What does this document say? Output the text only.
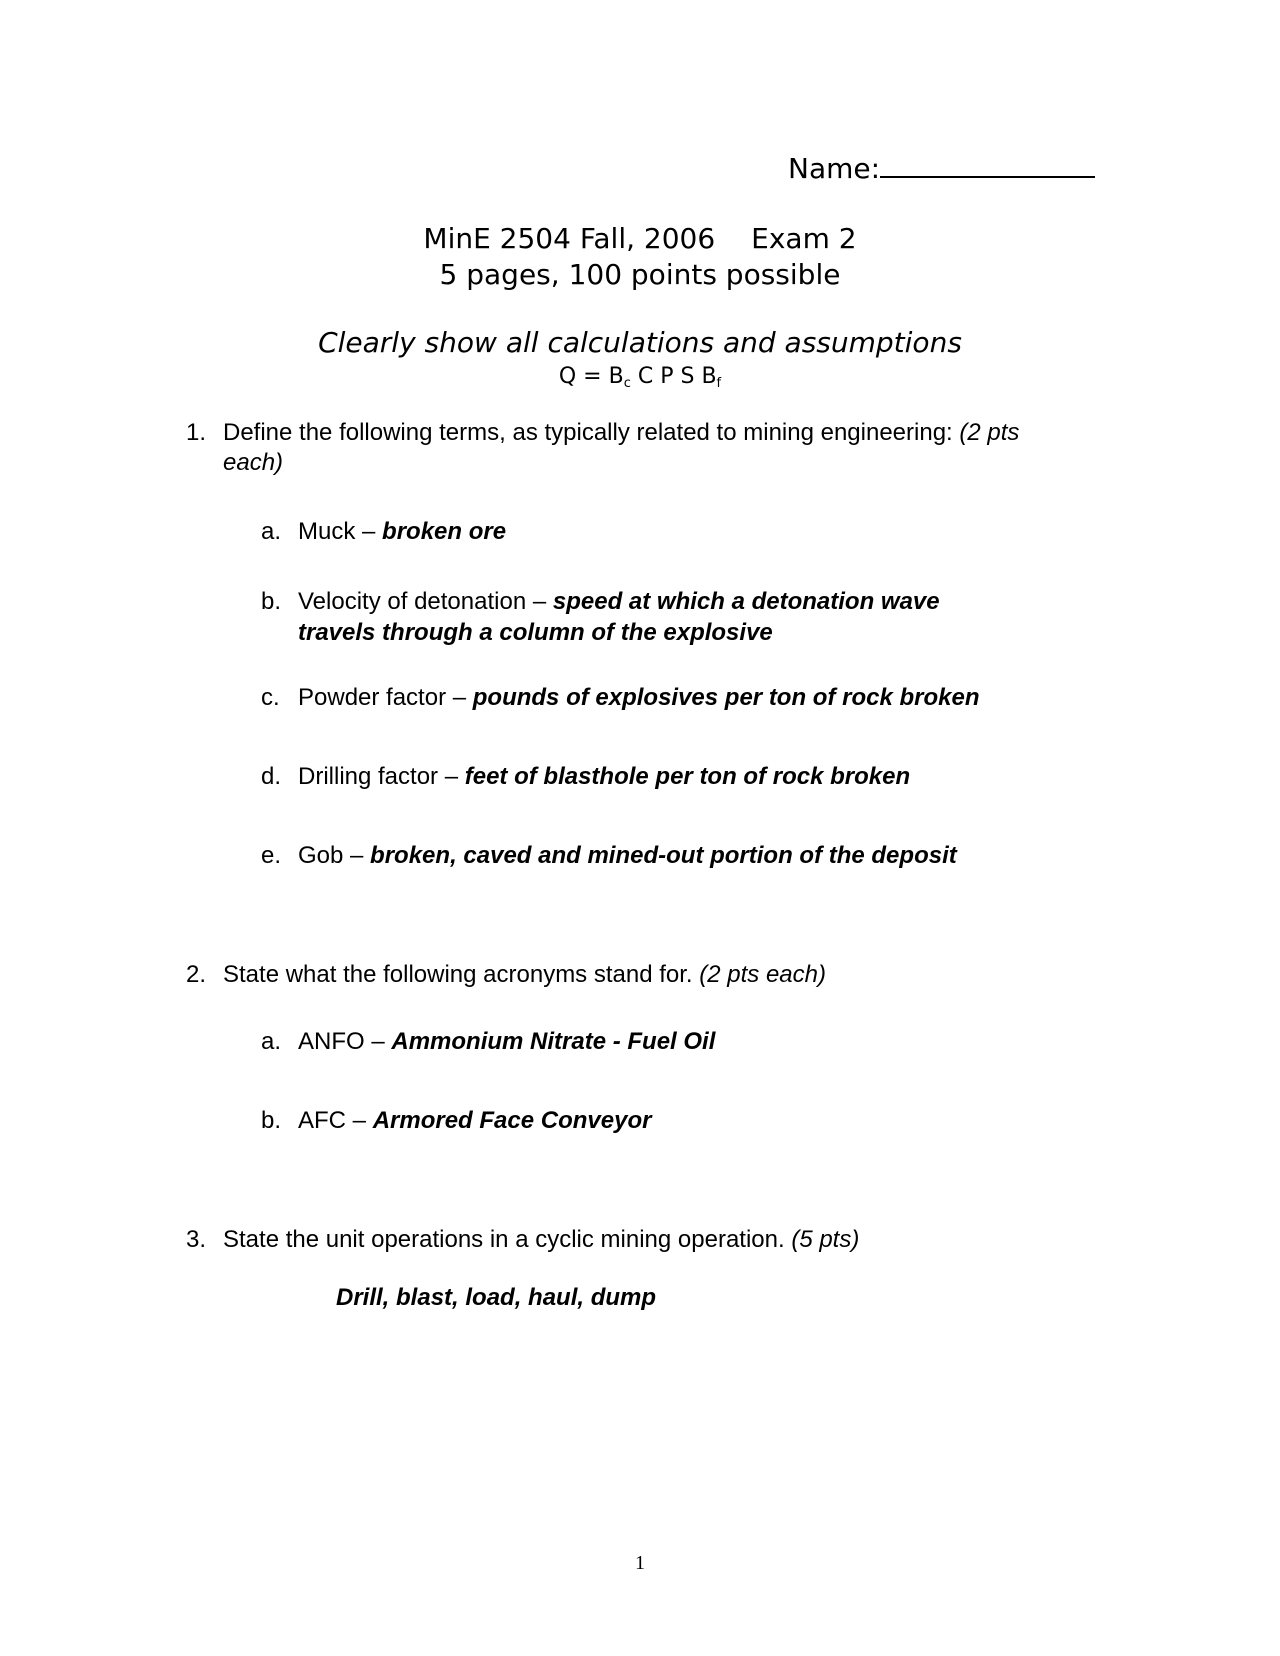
Name:
MinE 2504 Fall, 2006 Exam 2
5 pages, 100 points possible
Clearly show all calculations and assumptions
$Q = B_c$ C P S $B_f$
1. Define the following terms, as typically related to mining engineering: (2 pts each)
a. Muck – broken ore
b. Velocity of detonation – speed at which a detonation wave travels through a column of the explosive
c. Powder factor – pounds of explosives per ton of rock broken
d. Drilling factor – feet of blasthole per ton of rock broken
e. Gob – broken, caved and mined-out portion of the deposit
2. State what the following acronyms stand for. (2 pts each)
a. ANFO – Ammonium Nitrate - Fuel Oil
b. AFC – Armored Face Conveyor
3. State the unit operations in a cyclic mining operation. (5 pts)
Drill, blast, load, haul, dump
1
